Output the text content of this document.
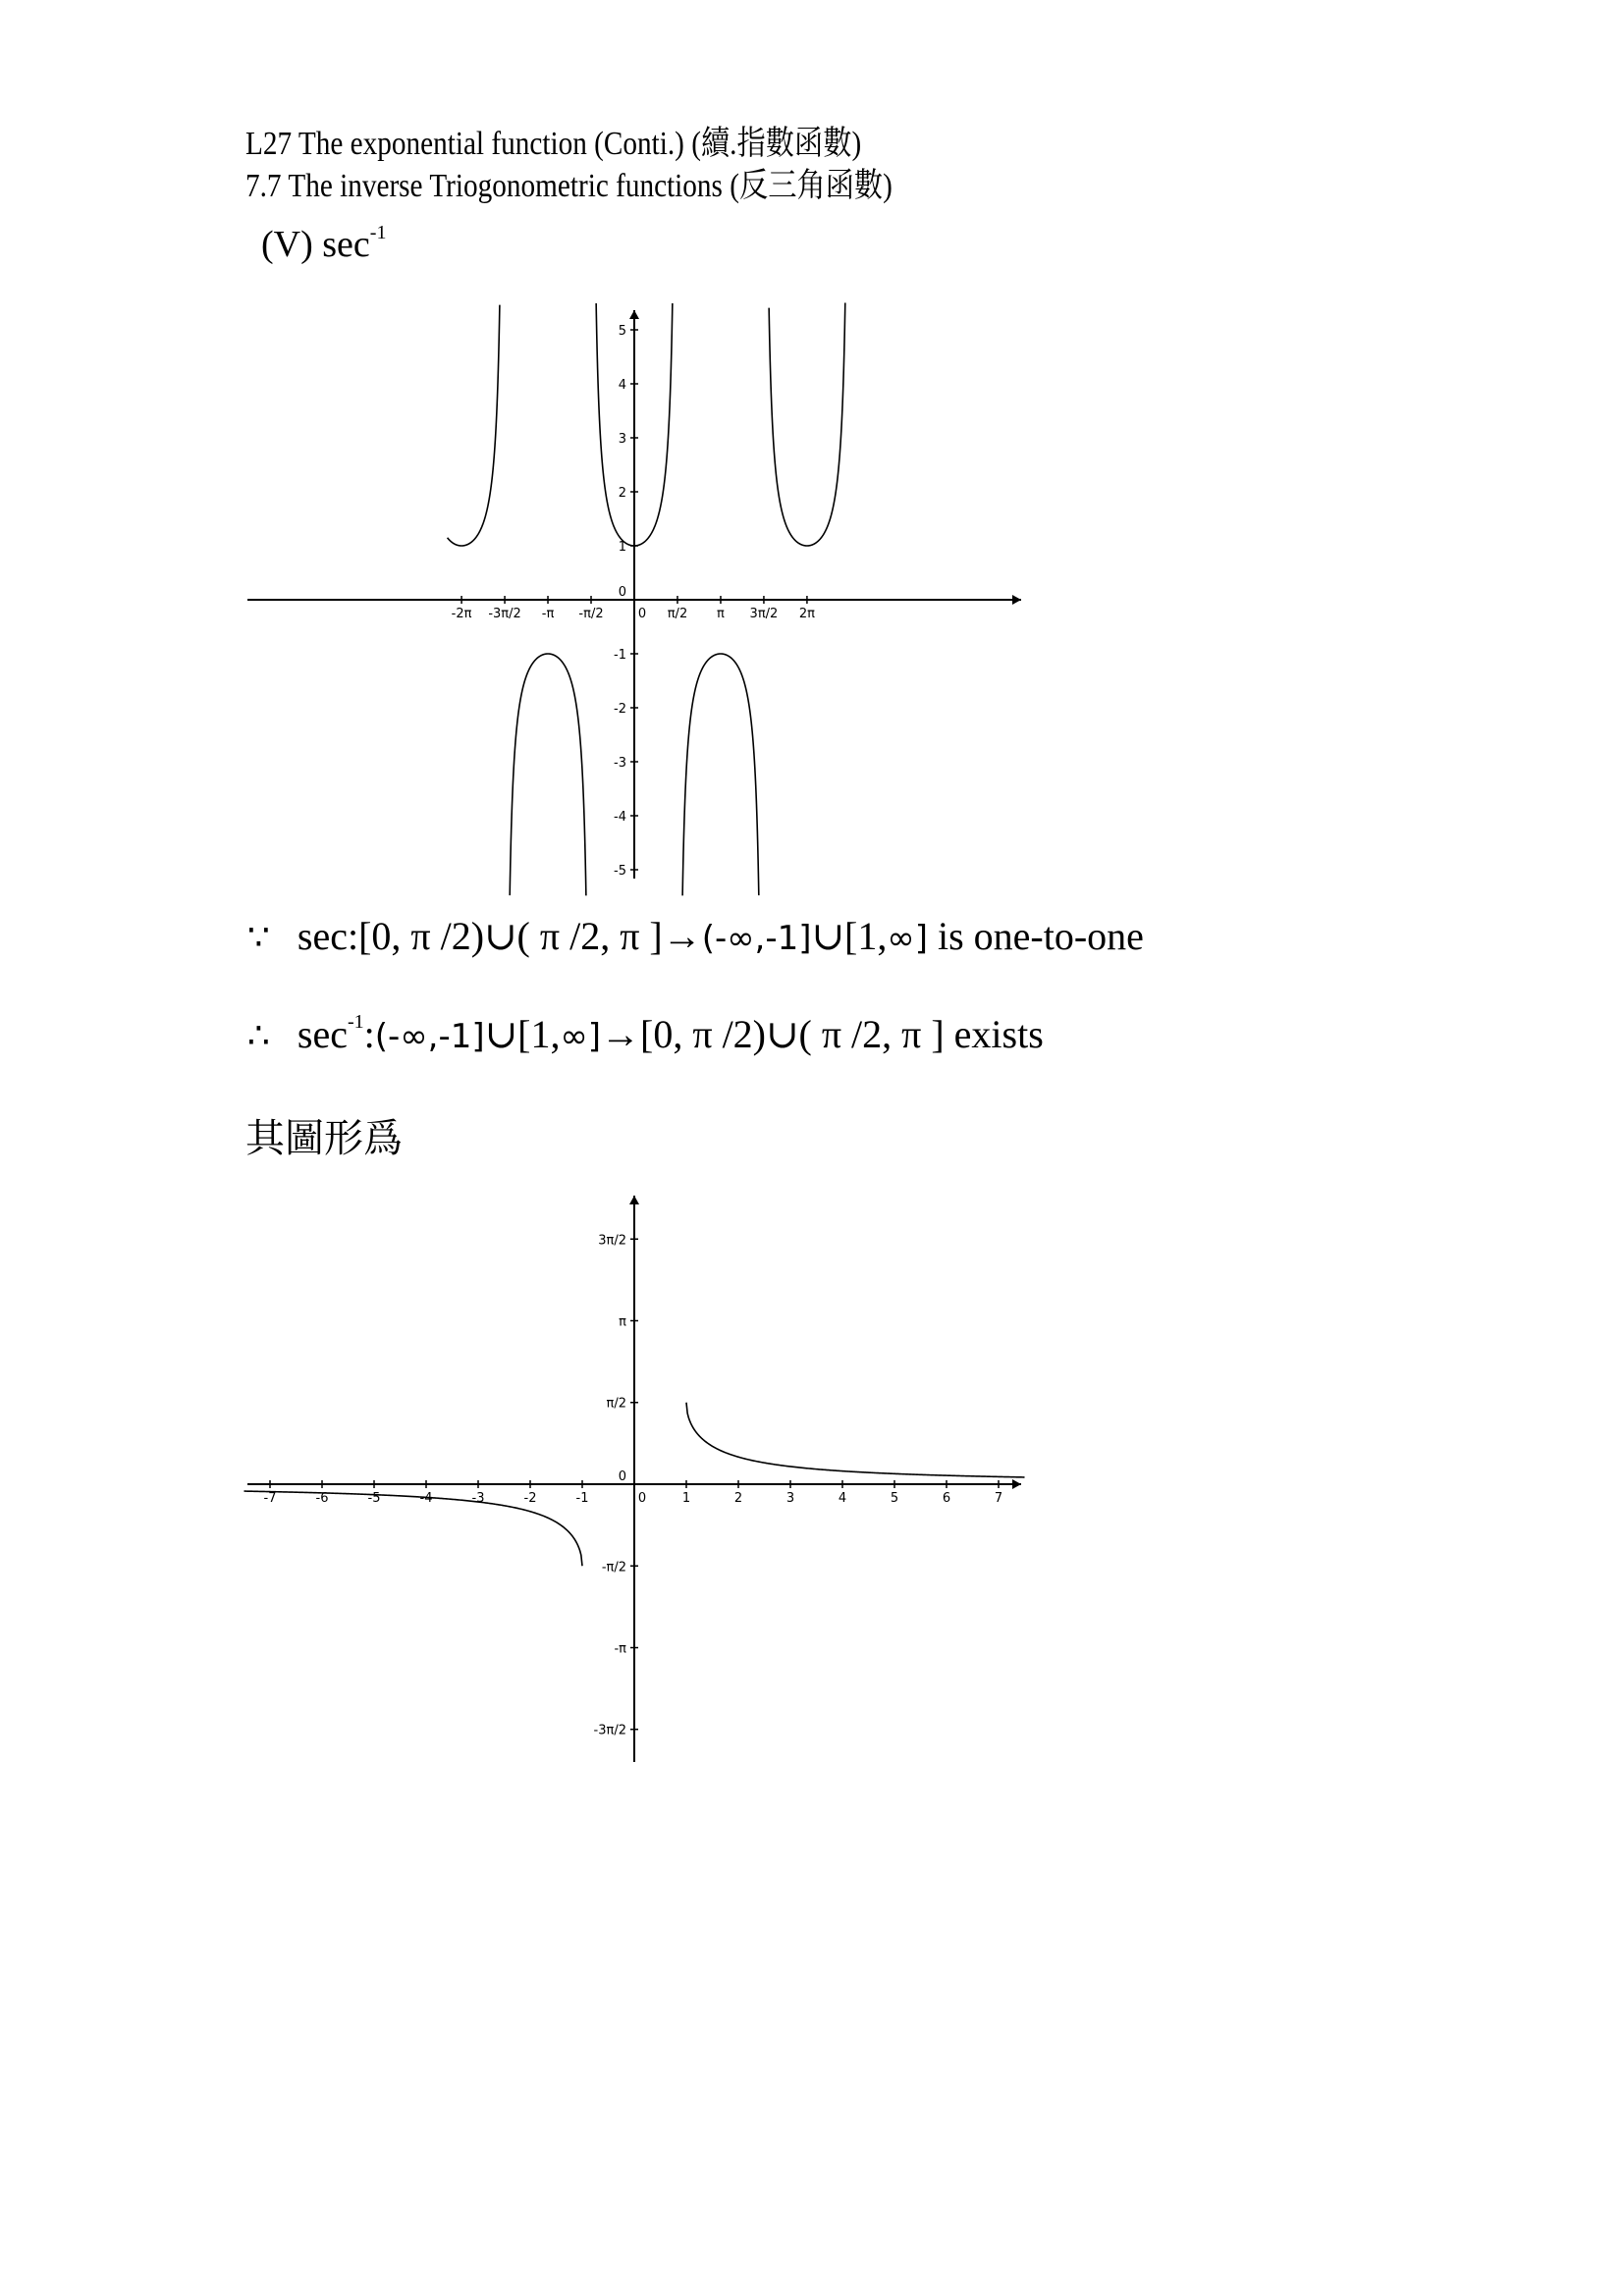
L27 The exponential function (Conti.) (續.指數函數)
7.7 The inverse Triogonometric functions (反三角函數)
(V) $\sec^{-1}$
-2π -3π/2 -π -π/2	0 π/2 π 3π/2 2π
5
4
3
2
1
0
-1
-2
-3
-4
-5
-7	-6	-5	-4	-3	-2	-1	0	1	2	3	4	5	6	7
3π/2
π
π/2
0
-π/2
-π
-3π/2
∵ sec:[0, π /2)∪( π /2, π ]→(-∞,-1]∪[1,∞] is one-to-one
∴ $\sec^{-1}:(-\infty,-1]\cup[1,\infty]\to[0$, π /2)∪( π /2, π ] exists
其圖形爲
